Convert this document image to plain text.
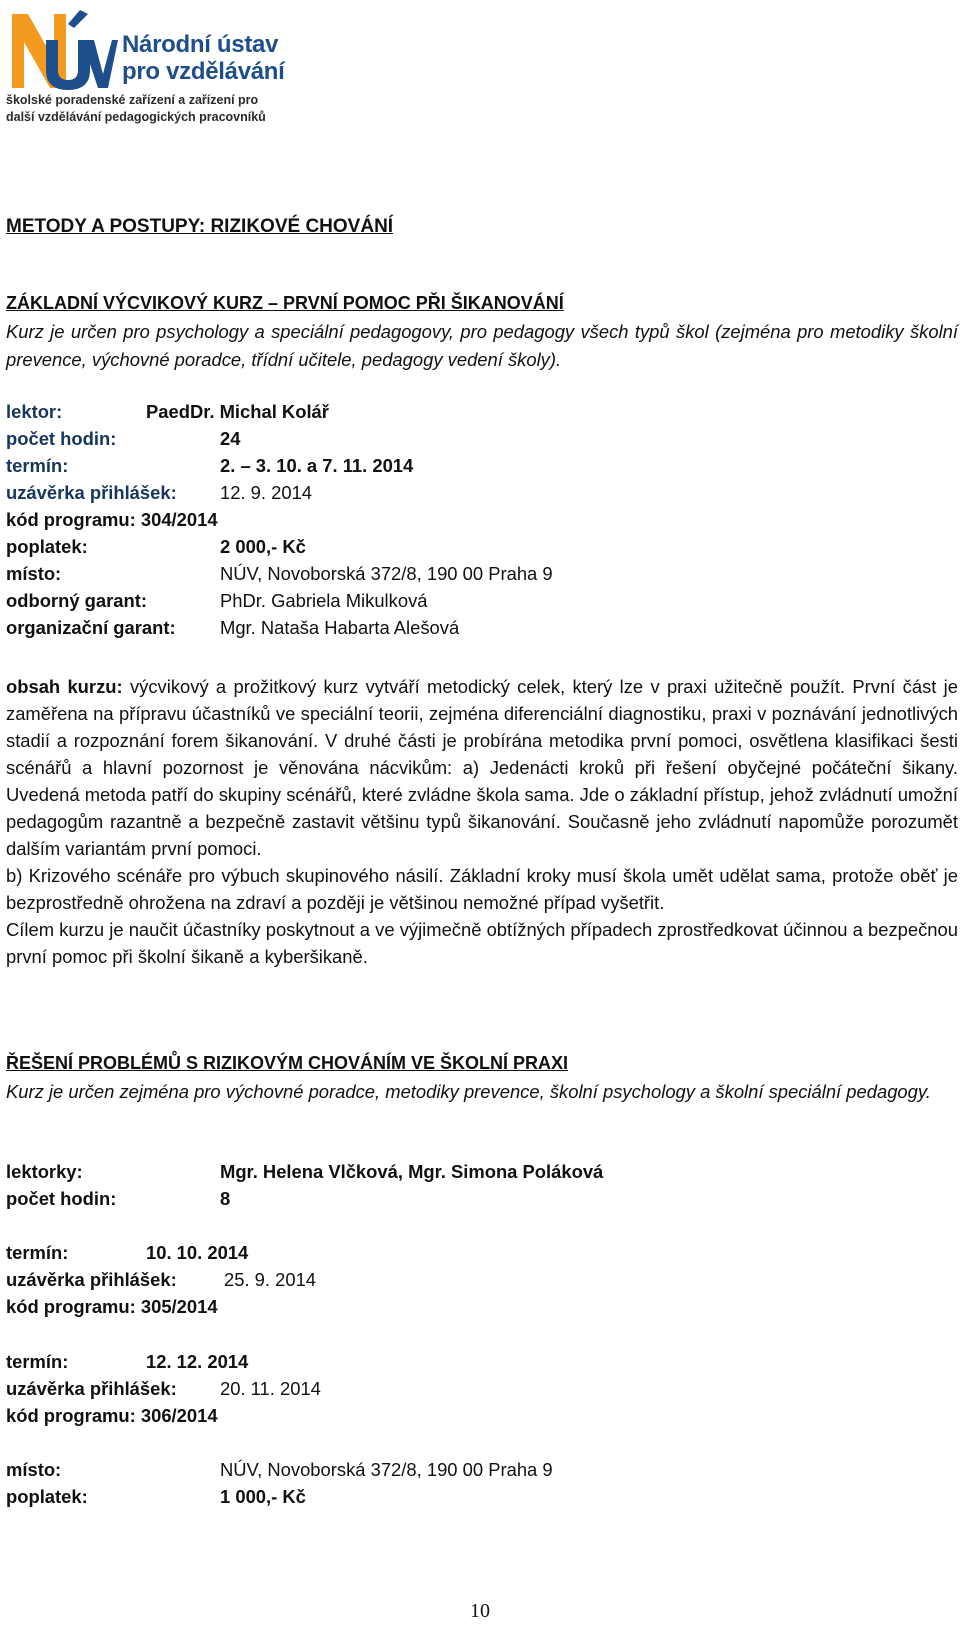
Národní ústav
pro vzdělávání
školské poradenské zařízení a zařízení pro
další vzdělávání pedagogických pracovníků
METODY A POSTUPY: RIZIKOVÉ CHOVÁNÍ
ZÁKLADNÍ VÝCVIKOVÝ KURZ – PRVNÍ POMOC PŘI ŠIKANOVÁNÍ
Kurz je určen pro psychology a speciální pedagogovy, pro pedagogy všech typů škol (zejména pro metodiky školní prevence, výchovné poradce, třídní učitele, pedagogy vedení školy).
lektor:	PaedDr. Michal Kolář
počet hodin:	24
termín:	2. – 3. 10. a 7. 11. 2014
uzávěrka přihlášek: 12. 9. 2014
kód programu: 304/2014
poplatek:	2 000,- Kč
místo:	NÚV, Novoborská 372/8, 190 00 Praha 9
odborný garant:	PhDr. Gabriela Mikulková
organizační garant: Mgr. Nataša Habarta Alešová

obsah kurzu: výcvikový a prožitkový kurz vytváří metodický celek, který lze v praxi užitečně použít. První část je zaměřena na přípravu účastníků ve speciální teorii, zejména diferenciální diagnostiku, praxi v poznávání jednotlivých stadií a rozpoznání forem šikanování. V druhé části je probírána metodika první pomoci, osvětlena klasifikaci šesti scénářů a hlavní pozornost je věnována nácvikům: a) Jedenácti kroků při řešení obyčejné počáteční šikany. Uvedená metoda patří do skupiny scénářů, které zvládne škola sama. Jde o základní přístup, jehož zvládnutí umožní pedagogům razantně a bezpečně zastavit většinu typů šikanování. Současně jeho zvládnutí napomůže porozumět dalším variantám první pomoci.

b) Krizového scénáře pro výbuch skupinového násilí. Základní kroky musí škola umět udělat sama, protože oběť je bezprostředně ohrožena na zdraví a později je většinou nemožné případ vyšetřit.

Cílem kurzu je naučit účastníky poskytnout a ve výjimečně obtížných případech zprostředkovat účinnou a bezpečnou první pomoc při školní šikaně a kyberšikaně.

ŘEŠENÍ PROBLÉMŮ S RIZIKOVÝM CHOVÁNÍM VE ŠKOLNÍ PRAXI
Kurz je určen zejména pro výchovné poradce, metodiky prevence, školní psychology a školní speciální pedagogy.
lektorky:	Mgr. Helena Vlčková, Mgr. Simona Poláková
počet hodin:	8
termín:	10. 10. 2014
uzávěrka přihlášek:	25. 9. 2014
kód programu: 305/2014
termín:	12. 12. 2014
uzávěrka přihlášek: 20. 11. 2014
kód programu: 306/2014
místo:	NÚV, Novoborská 372/8, 190 00 Praha 9
poplatek:	1 000,- Kč
10
